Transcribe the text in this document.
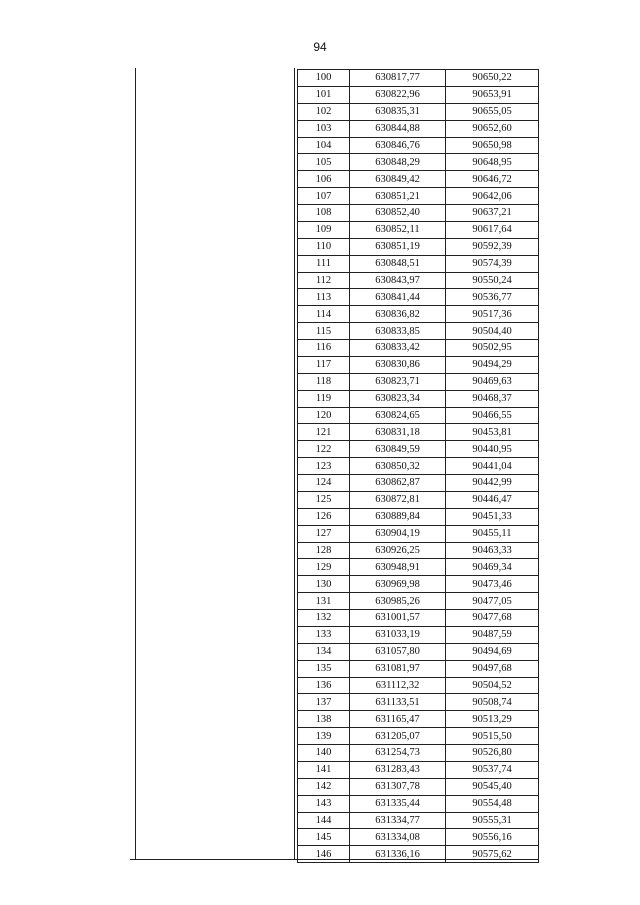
94
100	630817,77	90650,22
101	630822,96	90653,91
102	630835,31	90655,05
103	630844,88	90652,60
104	630846,76	90650,98
105	630848,29	90648,95
106	630849,42	90646,72
107	630851,21	90642,06
108	630852,40	90637,21
109	630852,11	90617,64
110	630851,19	90592,39
111	630848,51	90574,39
112	630843,97	90550,24
113	630841,44	90536,77
114	630836,82	90517,36
115	630833,85	90504,40
116	630833,42	90502,95
117	630830,86	90494,29
118	630823,71	90469,63
119	630823,34	90468,37
120	630824,65	90466,55
121	630831,18	90453,81
122	630849,59	90440,95
123	630850,32	90441,04
124	630862,87	90442,99
125	630872,81	90446,47
126	630889,84	90451,33
127	630904,19	90455,11
128	630926,25	90463,33
129	630948,91	90469,34
130	630969,98	90473,46
131	630985,26	90477,05
132	631001,57	90477,68
133	631033,19	90487,59
134	631057,80	90494,69
135	631081,97	90497,68
136	631112,32	90504,52
137	631133,51	90508,74
138	631165,47	90513,29
139	631205,07	90515,50
140	631254,73	90526,80
141	631283,43	90537,74
142	631307,78	90545,40
143	631335,44	90554,48
144	631334,77	90555,31
145	631334,08	90556,16
146	631336,16	90575,62
